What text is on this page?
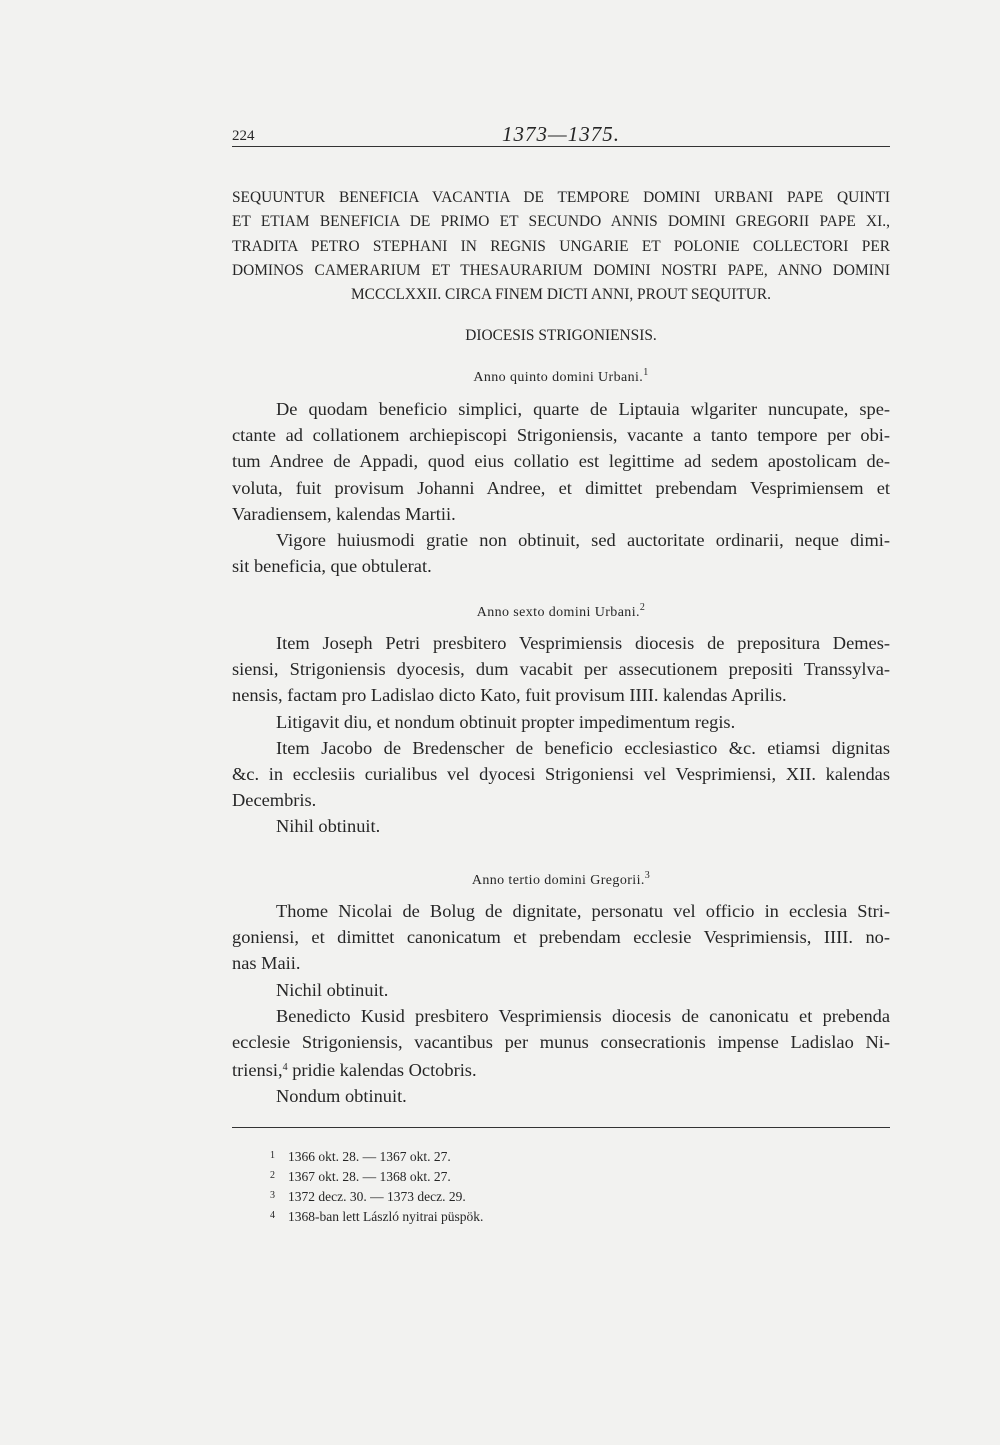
224	1373—1375.
SEQUUNTUR BENEFICIA VACANTIA DE TEMPORE DOMINI URBANI PAPE QUINTI
ET ETIAM BENEFICIA DE PRIMO ET SECUNDO ANNIS DOMINI GREGORII PAPE XI.,
TRADITA PETRO STEPHANI IN REGNIS UNGARIE ET POLONIE COLLECTORI PER
DOMINOS CAMERARIUM ET THESAURARIUM DOMINI NOSTRI PAPE, ANNO DOMINI
MCCCLXXII. CIRCA FINEM DICTI ANNI, PROUT SEQUITUR.
DIOCESIS STRIGONIENSIS.
Anno quinto domini Urbani.$^1$
De quodam beneficio simplici, quarte de Liptauia wlgariter nuncupate, spe-
ctante ad collationem archiepiscopi Strigoniensis, vacante a tanto tempore per obi-
tum Andree de Appadi, quod eius collatio est legittime ad sedem apostolicam de-
voluta, fuit provisum Johanni Andree, et dimittet prebendam Vesprimiensem et
Varadiensem, kalendas Martii.
Vigore huiusmodi gratie non obtinuit, sed auctoritate ordinarii, neque dimi-
sit beneficia, que obtulerat.
Anno sexto domini Urbani.$^2$
Item Joseph Petri presbitero Vesprimiensis diocesis de prepositura Demes-
siensi, Strigoniensis dyocesis, dum vacabit per assecutionem prepositi Transsylva-
nensis, factam pro Ladislao dicto Kato, fuit provisum IIII. kalendas Aprilis.
Litigavit diu, et nondum obtinuit propter impedimentum regis.
Item Jacobo de Bredenscher de beneficio ecclesiastico &c. etiamsi dignitas
&c. in ecclesiis curialibus vel dyocesi Strigoniensi vel Vesprimiensi, XII. kalendas
Decembris.
Nihil obtinuit.
Anno tertio domini Gregorii.$^3$
Thome Nicolai de Bolug de dignitate, personatu vel officio in ecclesia Stri-
goniensi, et dimittet canonicatum et prebendam ecclesie Vesprimiensis, IIII. no-
nas Maii.
Nichil obtinuit.
Benedicto Kusid presbitero Vesprimiensis diocesis de canonicatu et prebenda
ecclesie Strigoniensis, vacantibus per munus consecrationis impense Ladislao Ni-
triensi,$^4$ pridie kalendas Octobris.
Nondum obtinuit.
1 1366 okt. 28. — 1367 okt. 27.
2 1367 okt. 28. — 1368 okt. 27.
3 1372 decz. 30. — 1373 decz. 29.
4 1368-ban lett László nyitrai püspök.
